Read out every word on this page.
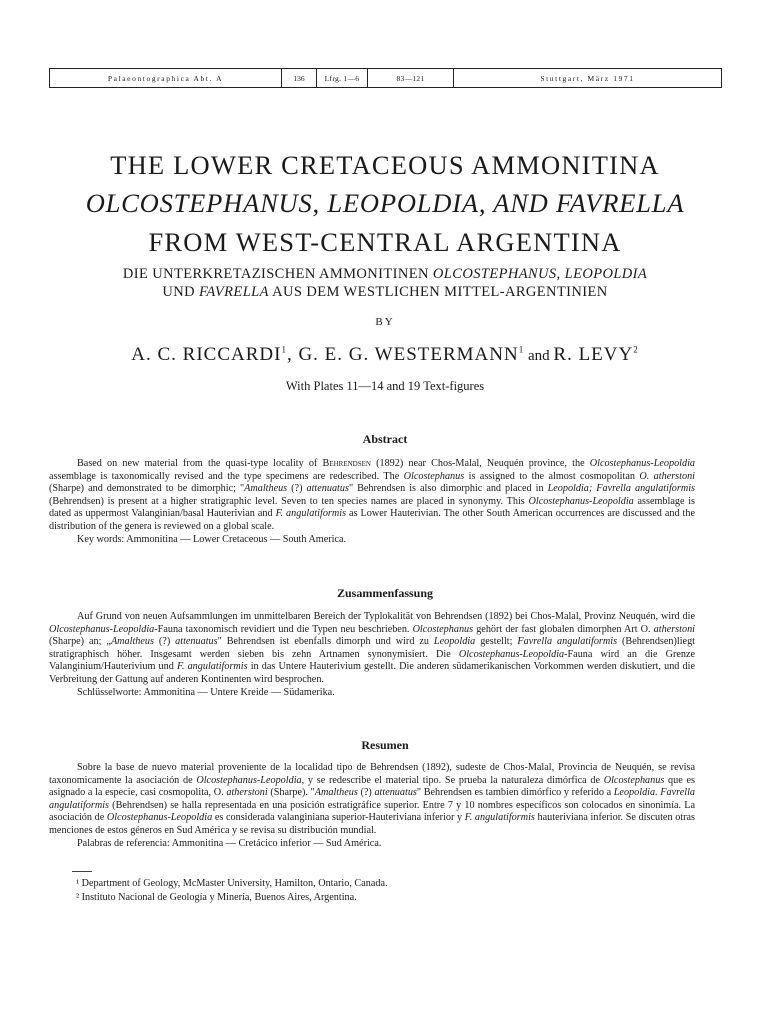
Palaeontographica Abt. A	136	Lfrg. 1—6	83—121	Stuttgart, März 1971
THE LOWER CRETACEOUS AMMONITINA
OLCOSTEPHANUS, LEOPOLDIA, AND FAVRELLA
FROM WEST-CENTRAL ARGENTINA
DIE UNTERKRETAZISCHEN AMMONITINEN OLCOSTEPHANUS, LEOPOLDIA
UND FAVRELLA AUS DEM WESTLICHEN MITTEL-ARGENTINIEN
BY
A. C. RICCARDI$^1$, G. E. G. WESTERMANN$^1$ and R. LEVY$^2$
With Plates 11—14 and 19 Text-figures
Abstract
Based on new material from the quasi-type locality of Behrendsen (1892) near Chos-Malal, Neuquén province, the Olcostephanus-Leopoldia assemblage is taxonomically revised and the type specimens are redescribed. The Olcostephanus is assigned to the almost cosmopolitan O. atherstoni (Sharpe) and demonstrated to be dimorphic; "Amaltheus (?) attenuatus" Behrendsen is also dimorphic and placed in Leopoldia; Favrella angulatiformis (Behrendsen) is present at a higher stratigraphic level. Seven to ten species names are placed in synonymy. This Olcostephanus-Leopoldia assemblage is dated as uppermost Valanginian/basal Hauterivian and F. angulatiformis as Lower Hauterivian. The other South American occurrences are discussed and the distribution of the genera is reviewed on a global scale.
Key words: Ammonitina — Lower Cretaceous — South America.
Zusammenfassung
Auf Grund von neuen Aufsammlungen im unmittelbaren Bereich der Typlokalität von Behrendsen (1892) bei Chos-Malal, Provinz Neuquén, wird die Olcostephanus-Leopoldia-Fauna taxonomisch revidiert und die Typen neu beschrieben. Olcostephanus gehört der fast globalen dimorphen Art O. atherstoni (Sharpe) an; „Amaltheus (?) attenuatus" Behrendsen ist ebenfalls dimorph und wird zu Leopoldia gestellt; Favrella angulatiformis (Behrendsen)liegt stratigraphisch höher. Insgesamt werden sieben bis zehn Artnamen synonymisiert. Die Olcostephanus-Leopoldia-Fauna wird an die Grenze Valanginium/Hauterivium und F. angulatiformis in das Untere Hauterivium gestellt. Die anderen südamerikanischen Vorkommen werden diskutiert, und die Verbreitung der Gattung auf anderen Kontinenten wird besprochen.
Schlüsselworte: Ammonitina — Untere Kreide — Südamerika.
Resumen
Sobre la base de nuevo material proveniente de la localidad tipo de Behrendsen (1892), sudeste de Chos-Malal, Provincia de Neuquén, se revisa taxonomicamente la asociación de Olcostephanus-Leopoldia, y se redescribe el material tipo. Se prueba la naturaleza dimórfica de Olcostephanus que es asignado a la especie, casi cosmopolita, O. atherstoni (Sharpe). "Amaltheus (?) attenuatus" Behrendsen es tambien dimórfico y referido a Leopoldia. Favrella angulatiformis (Behrendsen) se halla representada en una posición estratigráfice superior. Entre 7 y 10 nombres específicos son colocados en sinonimía. La asociación de Olcostephanus-Leopoldia es considerada valanginiana superior-Hauteriviana inferior y F. angulatiformis hauteriviana inferior. Se discuten otras menciones de estos géneros en Sud América y se revisa su distribución mundial.
Palabras de referencia: Ammonitina — Cretácico inferior — Sud América.
¹ Department of Geology, McMaster University, Hamilton, Ontario, Canada.
² Instituto Nacional de Geología y Minería, Buenos Aires, Argentina.
